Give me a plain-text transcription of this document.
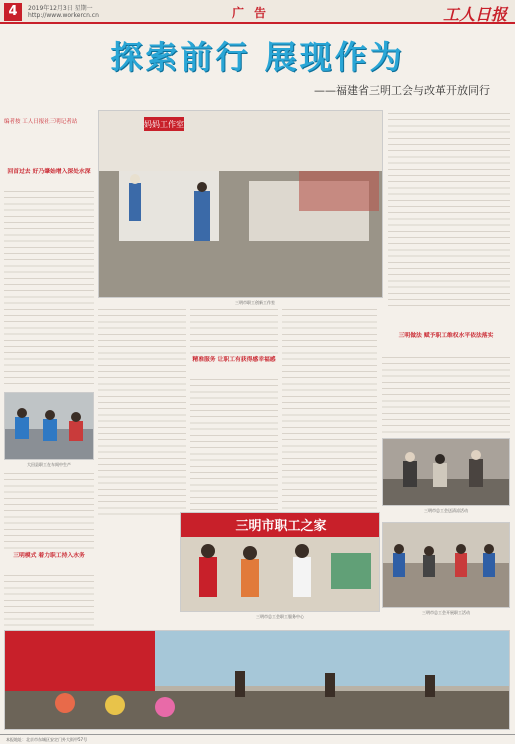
4	2019年12月3日 星期一
http://www.workercn.cn	广告	工人日报
探索前行 展现作为
——福建省三明工会与改革开放同行
编者按 工人日报社三明记者站
回首过去 好乃肇始增入深处水深
妈妈工作室
三明市职工创新工作室
精准服务 让职工有获得感幸福感
三明做法 赋予职工维权水平依法落实
大田县职工在车间中生产
三明模式 着力职工持入水务
三明市总工会送清凉活动
三明市职工之家
三明市总工会职工服务中心
三明市总工会开展职工活动
本报地址：北京市东城区安定门外大街甲57号
